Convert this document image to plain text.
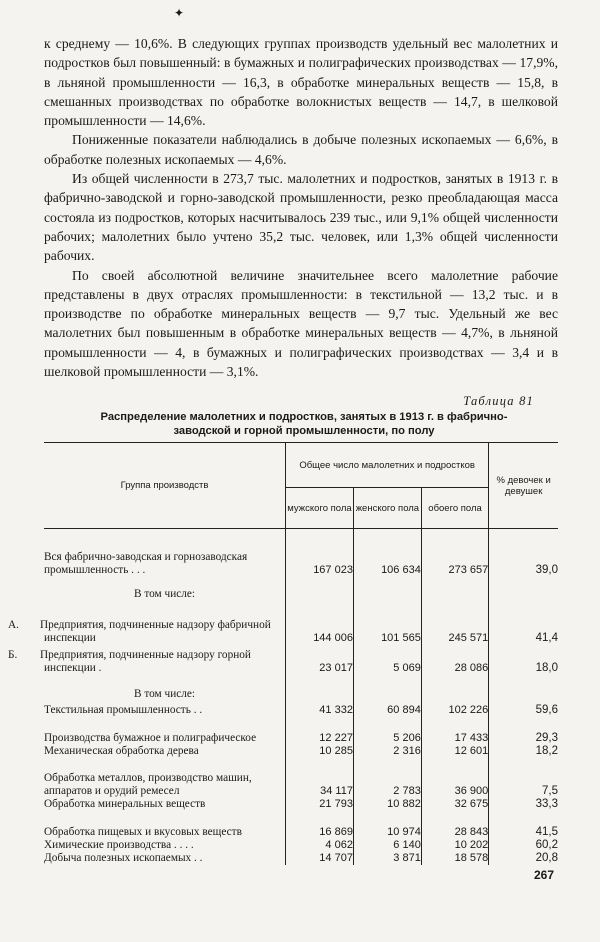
✦

к среднему — 10,6%. В следующих группах производств удельный вес малолетних и подростков был повышенный: в бумажных и полиграфических производствах — 17,9%, в льняной промышленности — 16,3, в обработке минеральных веществ — 15,8, в смешанных производствах по обработке волокнистых веществ — 14,7, в шелковой промышленности — 14,6%.

Пониженные показатели наблюдались в добыче полезных ископаемых — 6,6%, в обработке полезных ископаемых — 4,6%.

Из общей численности в 273,7 тыс. малолетних и подростков, занятых в 1913 г. в фабрично-заводской и горно-заводской промышленности, резко преобладающая масса состояла из подростков, которых насчитывалось 239 тыс., или 9,1% общей численности рабочих; малолетних было учтено 35,2 тыс. человек, или 1,3% общей численности рабочих.

По своей абсолютной величине значительнее всего малолетние рабочие представлены в двух отраслях промышленности: в текстильной — 13,2 тыс. и в производстве по обработке минеральных веществ — 9,7 тыс. Удельный же вес малолетних был повышенным в обработке минеральных веществ — 4,7%, в льняной промышленности — 4, в бумажных и полиграфических производствах — 3,4 и в шелковой промышленности — 3,1%.

Таблица 81
Распределение малолетних и подростков, занятых в 1913 г. в фабрично-заводской и горной промышленности, по полу
Группа производств	Общее число малолетних и подростков			% девочек и девушек
	мужского пола	женского пола	обоего пола	

Вся фабрично-заводская и горнозаводская промышленность . . .	167 023	106 634	273 657	39,0
В том числе:				
А. Предприятия, подчиненные надзору фабричной инспекции	144 006	101 565	245 571	41,4
Б. Предприятия, подчиненные надзору горной инспекции .	23 017	5 069	28 086	18,0
В том числе:				
Текстильная промышленность . .	41 332	60 894	102 226	59,6
Производства бумажное и полиграфическое	12 227	5 206	17 433	29,3
Механическая обработка дерева	10 285	2 316	12 601	18,2
Обработка металлов, производство машин, аппаратов и орудий ремесел	34 117	2 783	36 900	7,5
Обработка минеральных веществ	21 793	10 882	32 675	33,3
Обработка пищевых и вкусовых веществ	16 869	10 974	28 843	41,5
Химические производства . . . .	4 062	6 140	10 202	60,2
Добыча полезных ископаемых . .	14 707	3 871	18 578	20,8
267
